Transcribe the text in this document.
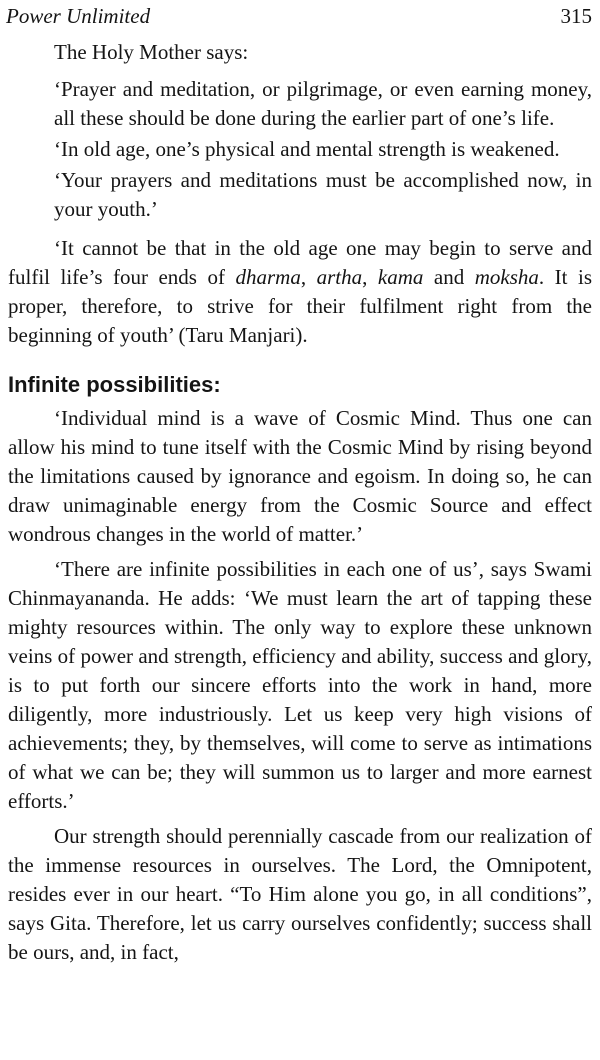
Power Unlimited	315

The Holy Mother says:

‘Prayer and meditation, or pilgrimage, or even earning money, all these should be done during the earlier part of one’s life.

‘In old age, one’s physical and mental strength is weakened.

‘Your prayers and meditations must be accomplished now, in your youth.’

‘It cannot be that in the old age one may begin to serve and fulfil life’s four ends of dharma, artha, kama and moksha. It is proper, therefore, to strive for their fulfilment right from the beginning of youth’ (Taru Manjari).

Infinite possibilities:

‘Individual mind is a wave of Cosmic Mind. Thus one can allow his mind to tune itself with the Cosmic Mind by rising beyond the limitations caused by ignorance and egoism. In doing so, he can draw unimaginable energy from the Cosmic Source and effect wondrous changes in the world of matter.’

‘There are infinite possibilities in each one of us’, says Swami Chinmayananda. He adds: ‘We must learn the art of tapping these mighty resources within. The only way to explore these unknown veins of power and strength, efficiency and ability, success and glory, is to put forth our sincere efforts into the work in hand, more diligently, more industriously. Let us keep very high visions of achievements; they, by themselves, will come to serve as intimations of what we can be; they will summon us to larger and more earnest efforts.’

Our strength should perennially cascade from our realization of the immense resources in ourselves. The Lord, the Omnipotent, resides ever in our heart. “To Him alone you go, in all conditions”, says Gita. Therefore, let us carry ourselves confidently; success shall be ours, and, in fact,
